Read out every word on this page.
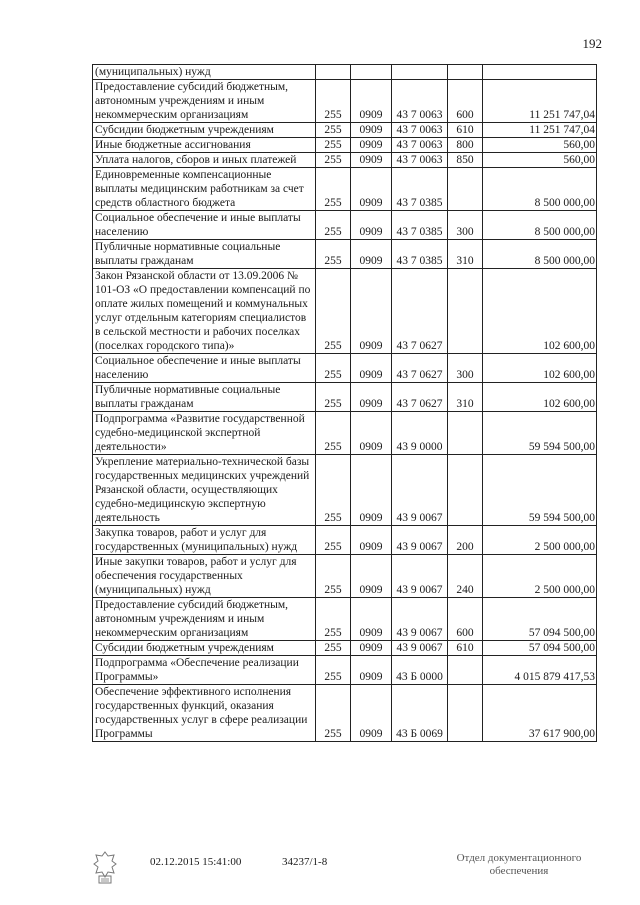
192
(муниципальных) нужд					
Предоставление субсидий бюджетным, автономным учреждениям и иным некоммерческим организациям	255	0909	43 7 0063	600	11 251 747,04
Субсидии бюджетным учреждениям	255	0909	43 7 0063	610	11 251 747,04
Иные бюджетные ассигнования	255	0909	43 7 0063	800	560,00
Уплата налогов, сборов и иных платежей	255	0909	43 7 0063	850	560,00
Единовременные компенсационные выплаты медицинским работникам за счет средств областного бюджета	255	0909	43 7 0385		8 500 000,00
Социальное обеспечение и иные выплаты населению	255	0909	43 7 0385	300	8 500 000,00
Публичные нормативные социальные выплаты гражданам	255	0909	43 7 0385	310	8 500 000,00
Закон Рязанской области от 13.09.2006 № 101-ОЗ «О предоставлении компенсаций по оплате жилых помещений и коммунальных услуг отдельным категориям специалистов в сельской местности и рабочих поселках (поселках городского типа)»	255	0909	43 7 0627		102 600,00
Социальное обеспечение и иные выплаты населению	255	0909	43 7 0627	300	102 600,00
Публичные нормативные социальные выплаты гражданам	255	0909	43 7 0627	310	102 600,00
Подпрограмма «Развитие государственной судебно-медицинской экспертной деятельности»	255	0909	43 9 0000		59 594 500,00
Укрепление материально-технической базы государственных медицинских учреждений Рязанской области, осуществляющих судебно-медицинскую экспертную деятельность	255	0909	43 9 0067		59 594 500,00
Закупка товаров, работ и услуг для государственных (муниципальных) нужд	255	0909	43 9 0067	200	2 500 000,00
Иные закупки товаров, работ и услуг для обеспечения государственных (муниципальных) нужд	255	0909	43 9 0067	240	2 500 000,00
Предоставление субсидий бюджетным, автономным учреждениям и иным некоммерческим организациям	255	0909	43 9 0067	600	57 094 500,00
Субсидии бюджетным учреждениям	255	0909	43 9 0067	610	57 094 500,00
Подпрограмма «Обеспечение реализации Программы»	255	0909	43 Б 0000		4 015 879 417,53
Обеспечение эффективного исполнения государственных функций, оказания государственных услуг в сфере реализации Программы	255	0909	43 Б 0069		37 617 900,00
02.12.2015 15:41:00	34237/1-8	Отдел документационного
обеспечения
